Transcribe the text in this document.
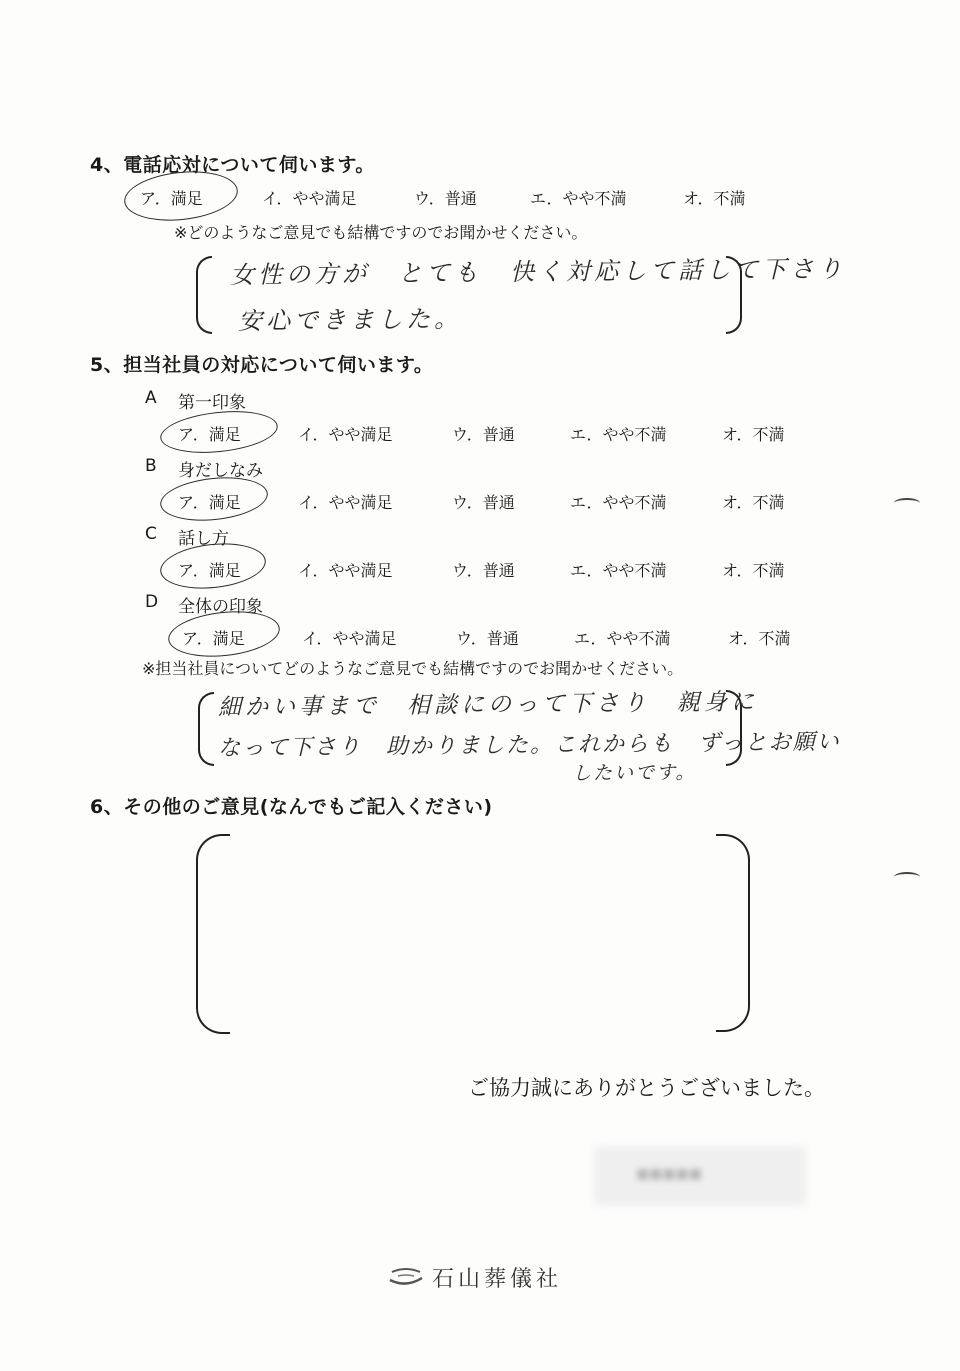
4、電話応対について伺います。
ア．満足	イ．やや満足	ウ．普通	エ．やや不満	オ．不満
※どのようなご意見でも結構ですのでお聞かせください。
女性の方が　とても　快く対応して話して下さり
安心できました。
5、担当社員の対応について伺います。
A 第一印象
ア．満足	イ．やや満足	ウ．普通	エ．やや不満	オ．不満
B 身だしなみ
ア．満足	イ．やや満足	ウ．普通	エ．やや不満	オ．不満
C 話し方
ア．満足	イ．やや満足	ウ．普通	エ．やや不満	オ．不満
D 全体の印象
ア．満足	イ．やや満足	ウ．普通	エ．やや不満	オ．不満
※担当社員についてどのようなご意見でも結構ですのでお聞かせください。
細かい事まで　相談にのって下さり　親身に
なって下さり　助かりました。これからも　ずっとお願い
したいです。
6、その他のご意見(なんでもご記入ください)
ご協力誠にありがとうございました。
■■■■■
石山葬儀社
